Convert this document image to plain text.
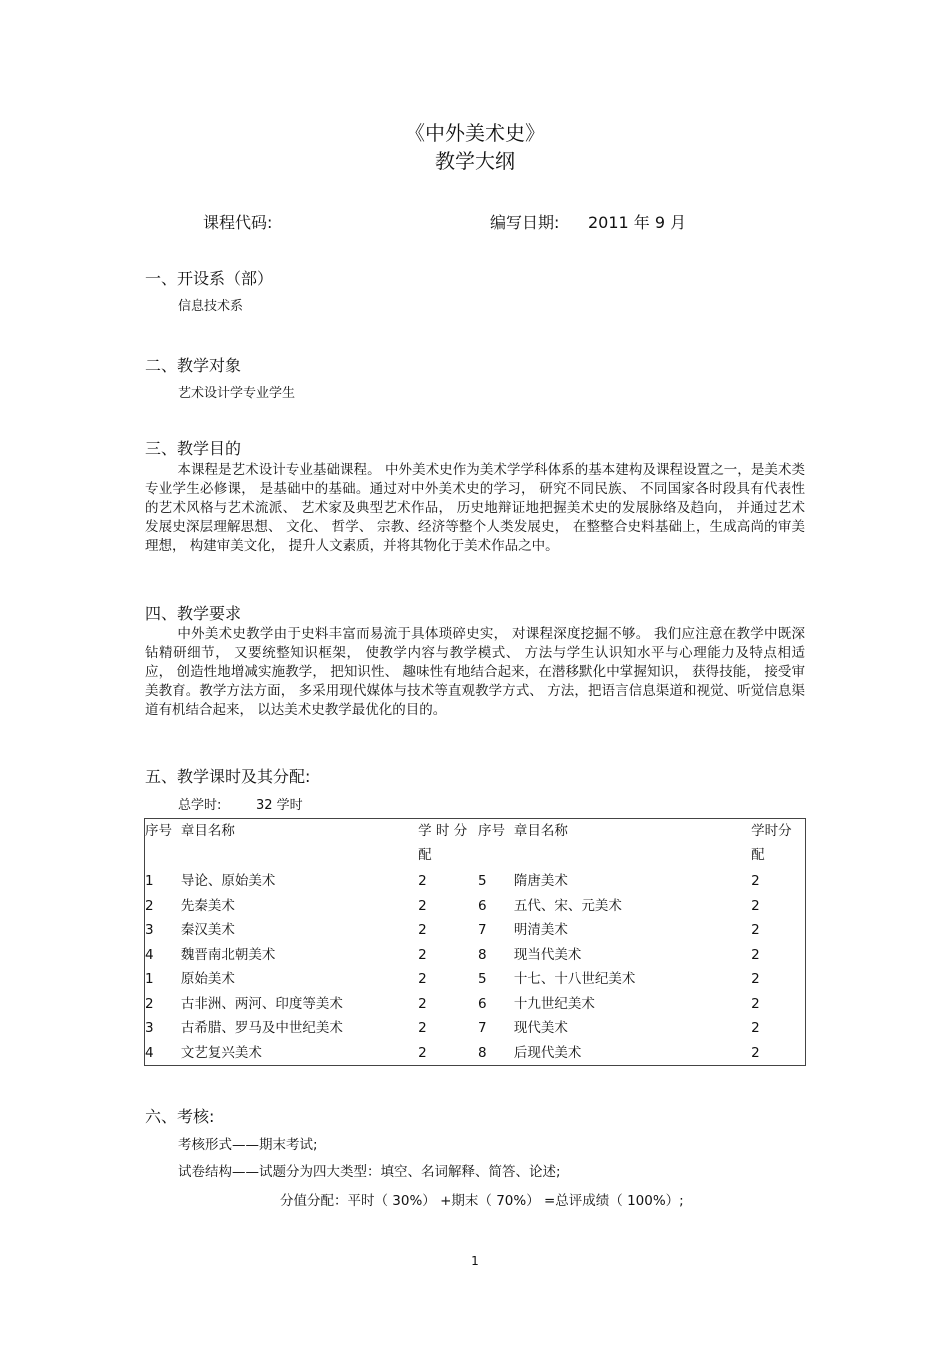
《中外美术史》
教学大纲
课程代码:	编写日期: 2011 年 9 月
一、开设系（部）
信息技术系
二、教学对象
艺术设计学专业学生
三、教学目的

本课程是艺术设计专业基础课程。 中外美术史作为美术学学科体系的基本建构及课程设置之一，是美术类专业学生必修课， 是基础中的基础。通过对中外美术史的学习， 研究不同民族、 不同国家各时段具有代表性的艺术风格与艺术流派、 艺术家及典型艺术作品， 历史地辩证地把握美术史的发展脉络及趋向， 并通过艺术发展史深层理解思想、 文化、 哲学、 宗教、经济等整个人类发展史， 在整整合史料基础上，生成高尚的审美理想， 构建审美文化， 提升人文素质，并将其物化于美术作品之中。

四、教学要求

中外美术史教学由于史料丰富而易流于具体琐碎史实， 对课程深度挖掘不够。 我们应注意在教学中既深钻精研细节， 又要统整知识框架， 使教学内容与教学模式、 方法与学生认识知水平与心理能力及特点相适应， 创造性地增减实施教学， 把知识性、 趣味性有地结合起来，在潜移默化中掌握知识， 获得技能， 接受审美教育。教学方法方面， 多采用现代媒体与技术等直观教学方式、 方法，把语言信息渠道和视觉、听觉信息渠道有机结合起来， 以达美术史教学最优化的目的。

五、教学课时及其分配:
总学时:	32 学时
序号	章目名称	学 时 分配	序号	章目名称	学时分配
1	导论、原始美术	2	5	隋唐美术	2
2	先秦美术	2	6	五代、宋、元美术	2
3	秦汉美术	2	7	明清美术	2
4	魏晋南北朝美术	2	8	现当代美术	2
1	原始美术	2	5	十七、十八世纪美术	2
2	古非洲、两河、印度等美术	2	6	十九世纪美术	2
3	古希腊、罗马及中世纪美术	2	7	现代美术	2
4	文艺复兴美术	2	8	后现代美术	2
六、考核:
考核形式——期末考试;
试卷结构——试题分为四大类型：填空、名词解释、简答、论述;
分值分配：平时（ 30%） +期末（ 70%） =总评成绩（ 100%）;
1
